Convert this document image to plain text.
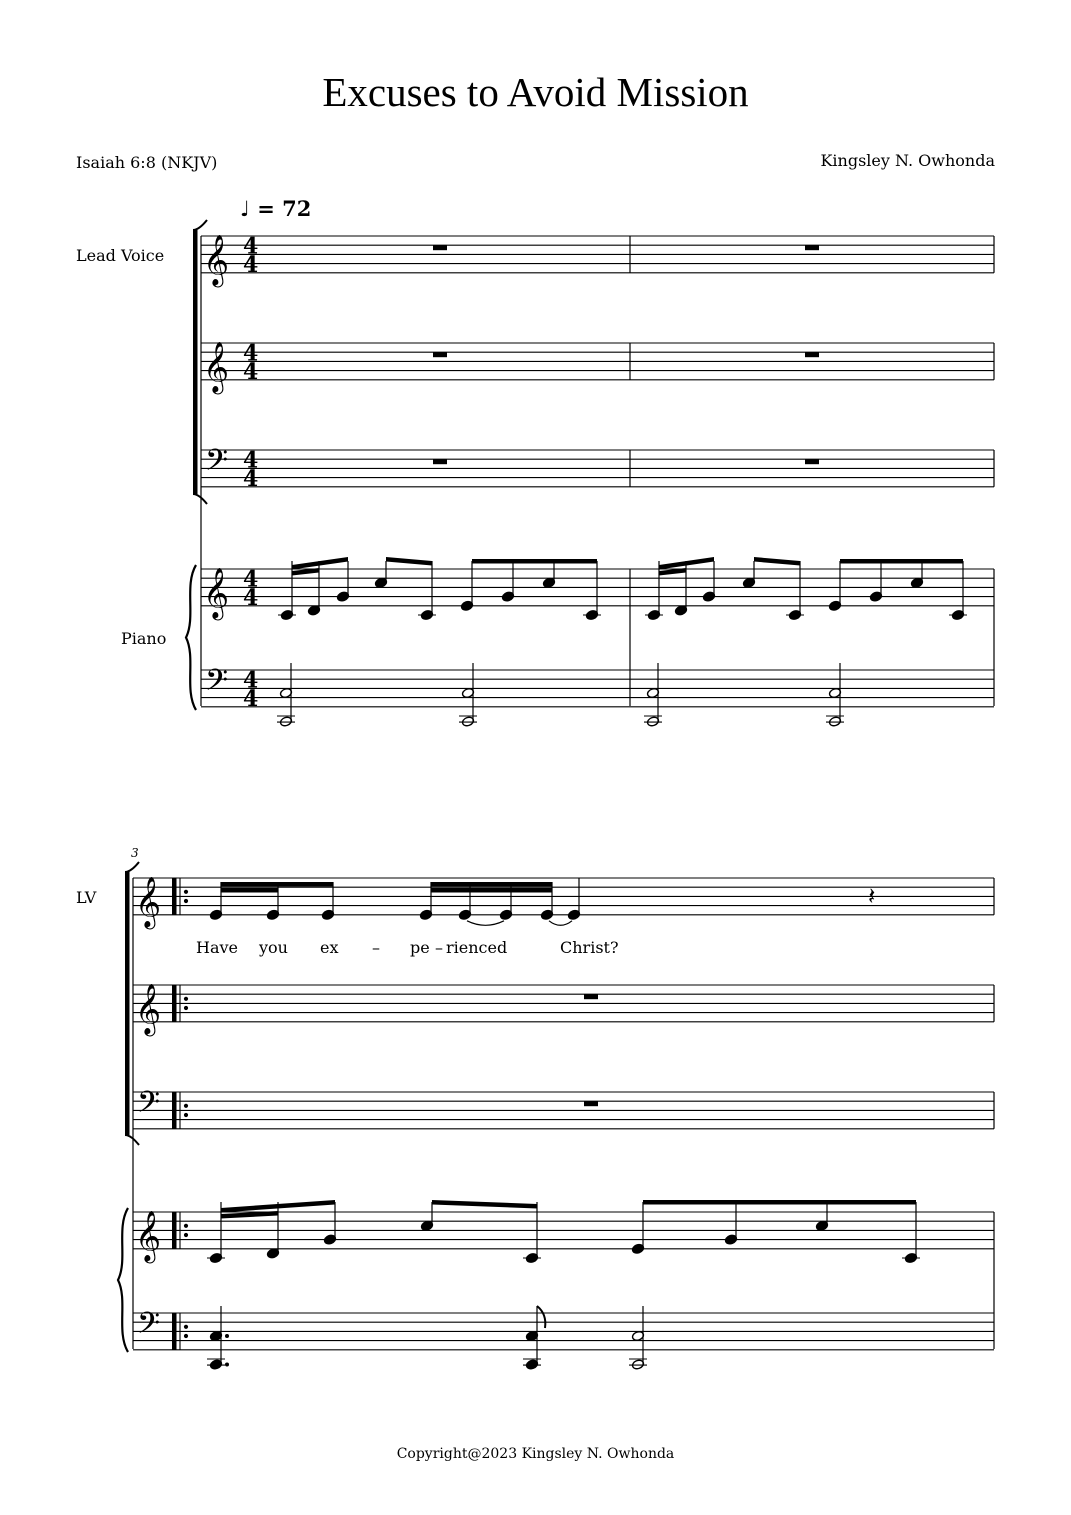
Excuses to Avoid Mission
Isaiah 6:8 (NKJV)	Kingsley N. Owhonda
♩ = 72
Lead Voice
Piano
LV
3
Have you ex – pe – rienced	Christ?
𝄞
𝄞
𝄢
𝄞
𝄢
4
4
4
4
4
4
4
4
4
4
𝄞
𝄞
𝄢
𝄞
𝄢
𝄽
Copyright@2023 Kingsley N. Owhonda
